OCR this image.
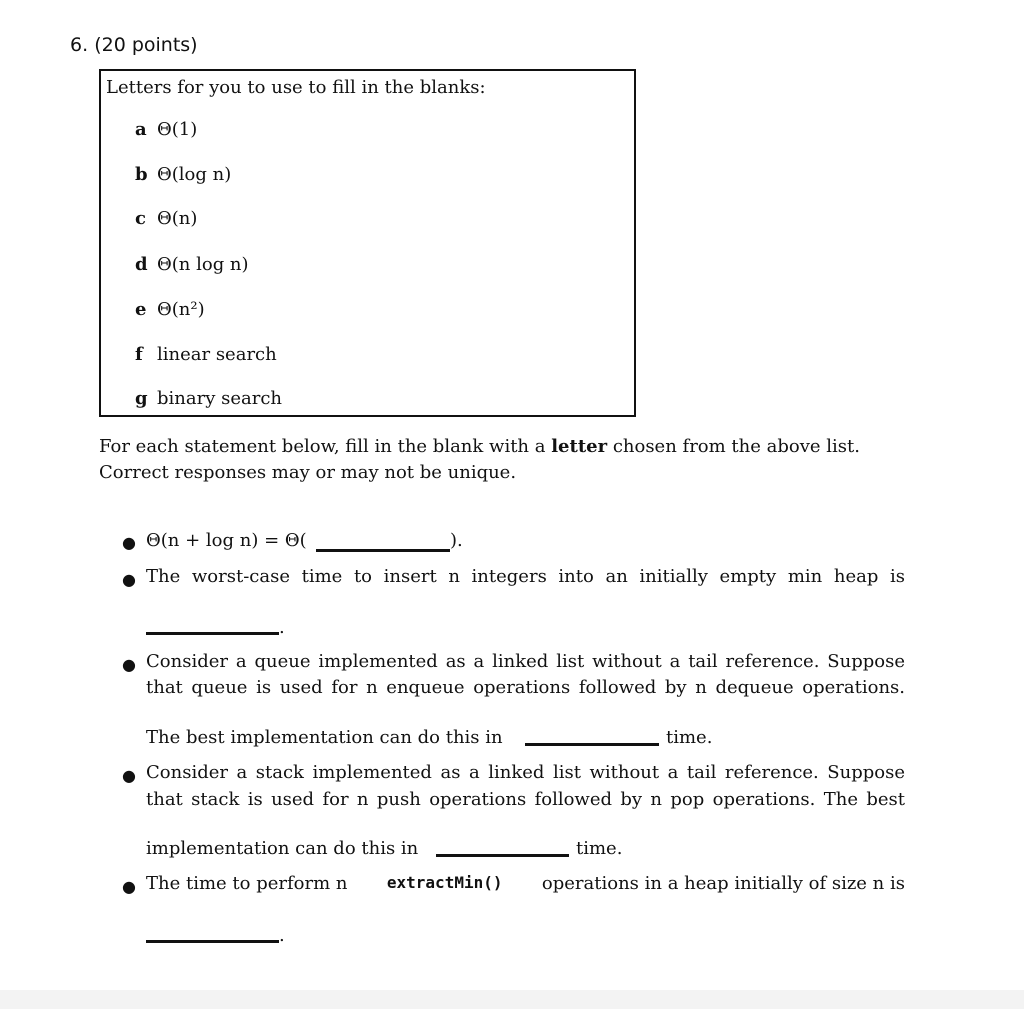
6. (20 points)
Letters for you to use to fill in the blanks:
a Θ(1)
b Θ(log n)
c Θ(n)
d Θ(n log n)
e Θ(n²)
f linear search
g binary search
For each statement below, fill in the blank with a letter chosen from the above list.
Correct responses may or may not be unique.
● Θ(n + log n) = Θ(	).
● The worst-case time to insert n integers into an initially empty min heap is
.
● Consider a queue implemented as a linked list without a tail reference. Suppose
that queue is used for n enqueue operations followed by n dequeue operations.
The best implementation can do this in	time.
● Consider a stack implemented as a linked list without a tail reference. Suppose
that stack is used for n push operations followed by n pop operations. The best
implementation can do this in	time.
● The time to perform n extractMin() operations in a heap initially of size n is
.
